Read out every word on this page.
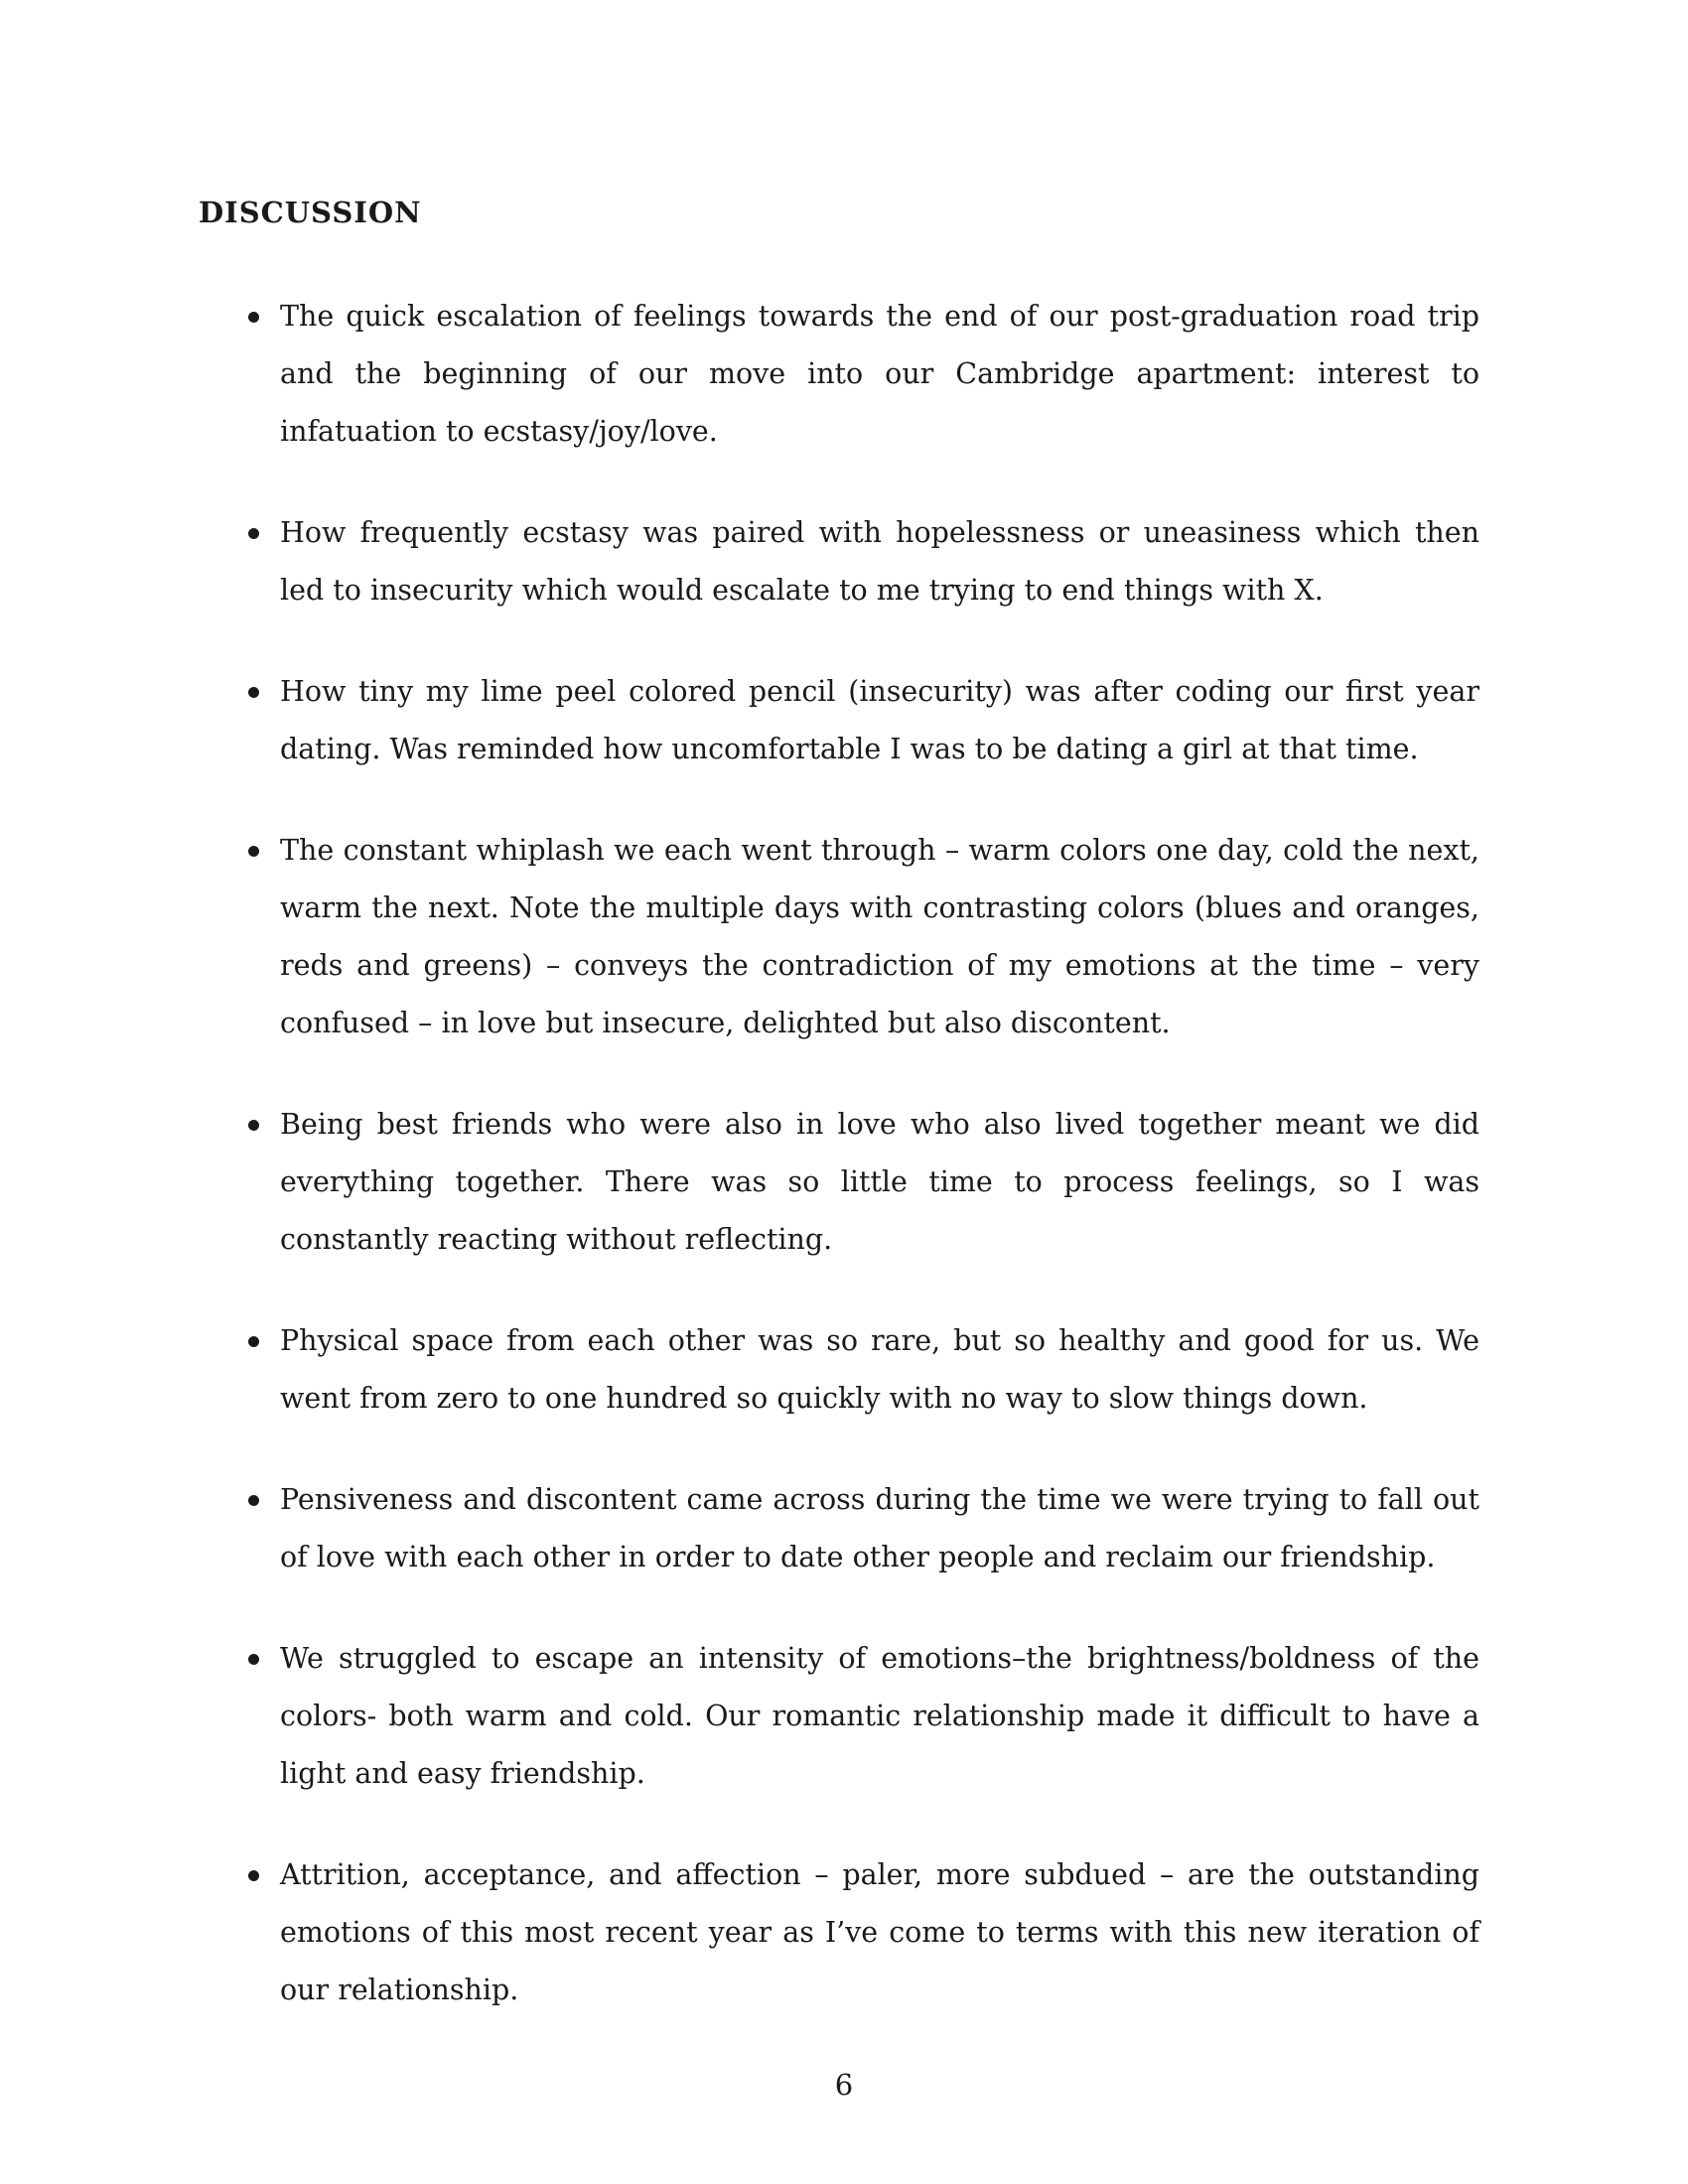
DISCUSSION
The quick escalation of feelings towards the end of our post-graduation road trip and the beginning of our move into our Cambridge apartment: interest to infatuation to ecstasy/joy/love.
How frequently ecstasy was paired with hopelessness or uneasiness which then led to insecurity which would escalate to me trying to end things with X.
How tiny my lime peel colored pencil (insecurity) was after coding our first year dating. Was reminded how uncomfortable I was to be dating a girl at that time.
The constant whiplash we each went through – warm colors one day, cold the next, warm the next. Note the multiple days with contrasting colors (blues and oranges, reds and greens) – conveys the contradiction of my emotions at the time – very confused – in love but insecure, delighted but also discontent.
Being best friends who were also in love who also lived together meant we did everything together. There was so little time to process feelings, so I was constantly reacting without reflecting.
Physical space from each other was so rare, but so healthy and good for us. We went from zero to one hundred so quickly with no way to slow things down.
Pensiveness and discontent came across during the time we were trying to fall out of love with each other in order to date other people and reclaim our friendship.
We struggled to escape an intensity of emotions–the brightness/boldness of the colors- both warm and cold. Our romantic relationship made it difficult to have a light and easy friendship.
Attrition, acceptance, and affection – paler, more subdued – are the outstanding emotions of this most recent year as I’ve come to terms with this new iteration of our relationship.
6
